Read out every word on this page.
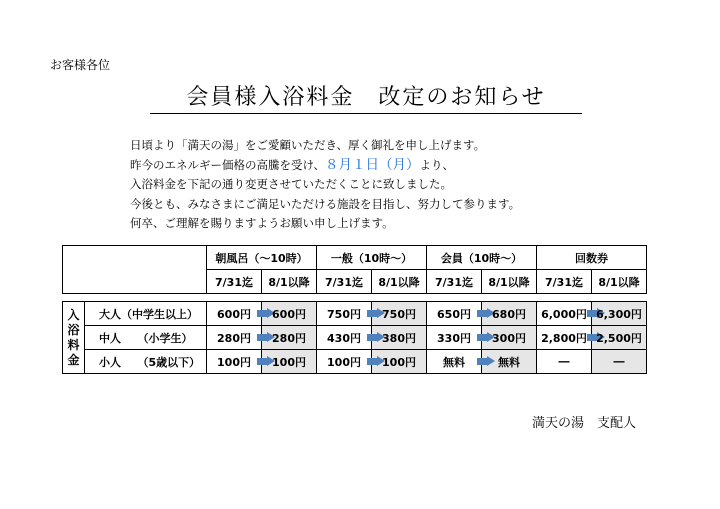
お客様各位
会員様入浴料金　改定のお知らせ
日頃より「満天の湯」をご愛顧いただき、厚く御礼を申し上げます。
昨今のエネルギー価格の高騰を受け、８月１日（月）より、
入浴料金を下記の通り変更させていただくことに致しました。
今後とも、みなさまにご満足いただける施設を目指し、努力して参ります。
何卒、ご理解を賜りますようお願い申し上げます。
		朝風呂（～10時）		一般（10時～）		会員（10時～）		回数券	
		7/31迄	8/1以降	7/31迄	8/1以降	7/31迄	8/1以降	7/31迄	8/1以降

入
浴
料
金	大人（中学生以上）	600円	600円	750円	750円	650円	680円	6,000円	6,300円
	中人　　（小学生）	280円	280円	430円	380円	330円	300円	2,800円	2,500円
	小人　　（5歳以下）	100円	100円	100円	100円	無料	無料	―	―
満天の湯　支配人
